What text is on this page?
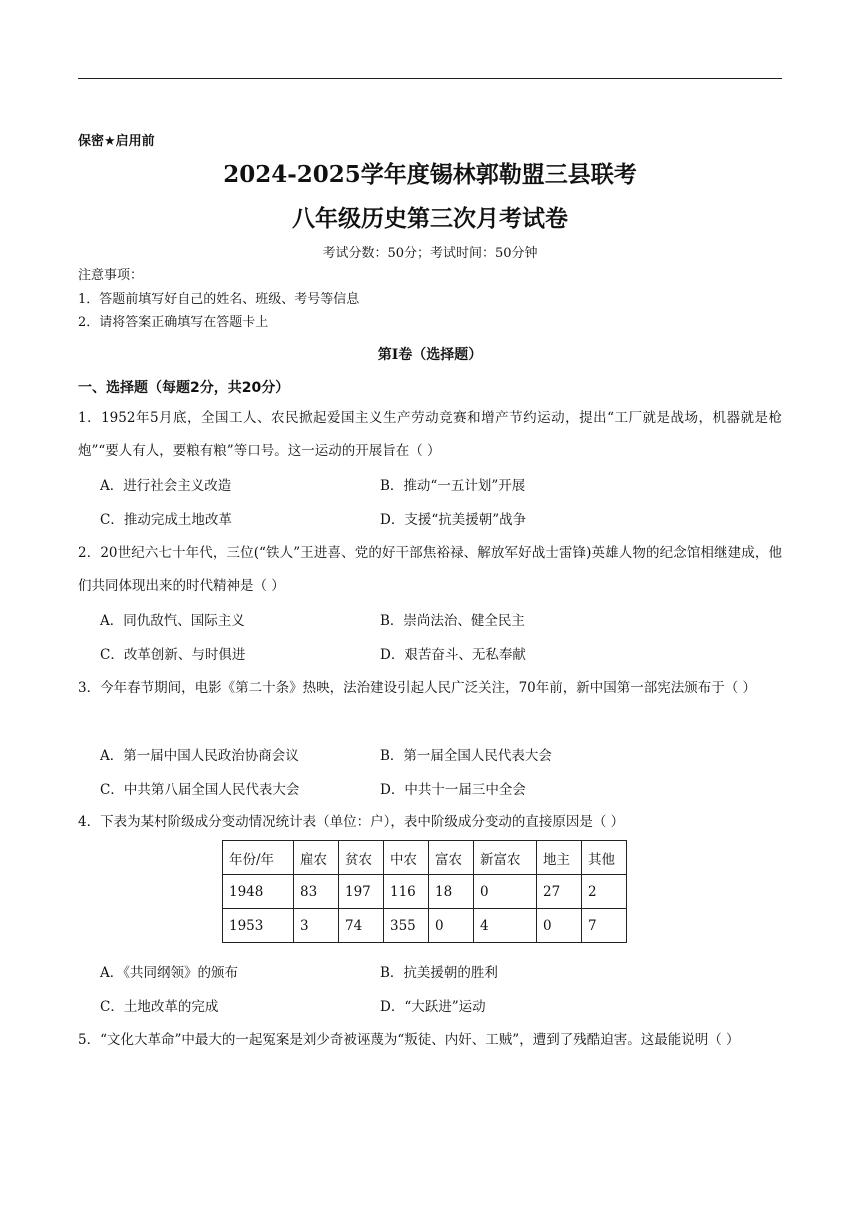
保密★启用前
2024-2025学年度锡林郭勒盟三县联考
八年级历史第三次月考试卷
考试分数：50分；考试时间：50分钟
注意事项：
1．答题前填写好自己的姓名、班级、考号等信息
2．请将答案正确填写在答题卡上
第Ⅰ卷（选择题）
一、选择题（每题2分，共20分）
1．1952年5月底，全国工人、农民掀起爱国主义生产劳动竞赛和增产节约运动，提出“工厂就是战场，机器就是枪炮”“要人有人，要粮有粮”等口号。这一运动的开展旨在（ ）
A．进行社会主义改造	B．推动“一五计划”开展
C．推动完成土地改革	D．支援“抗美援朝”战争
2．20世纪六七十年代，三位(“铁人”王进喜、党的好干部焦裕禄、解放军好战士雷锋)英雄人物的纪念馆相继建成，他们共同体现出来的时代精神是（ ）
A．同仇敌忾、国际主义	B．崇尚法治、健全民主
C．改革创新、与时俱进	D．艰苦奋斗、无私奉献
3．今年春节期间，电影《第二十条》热映，法治建设引起人民广泛关注，70年前，新中国第一部宪法颁布于（ ）
A．第一届中国人民政治协商会议	B．第一届全国人民代表大会
C．中共第八届全国人民代表大会	D．中共十一届三中全会
4．下表为某村阶级成分变动情况统计表（单位：户），表中阶级成分变动的直接原因是（ ）
年份/年	雇农	贫农	中农	富农	新富农	地主	其他
1948	83	197	116	18	0	27	2
1953	3	74	355	0	4	0	7
A．《共同纲领》的颁布	B．抗美援朝的胜利
C．土地改革的完成	D．“大跃进”运动
5．“文化大革命”中最大的一起冤案是刘少奇被诬蔑为“叛徒、内奸、工贼”，遭到了残酷迫害。这最能说明（ ）
